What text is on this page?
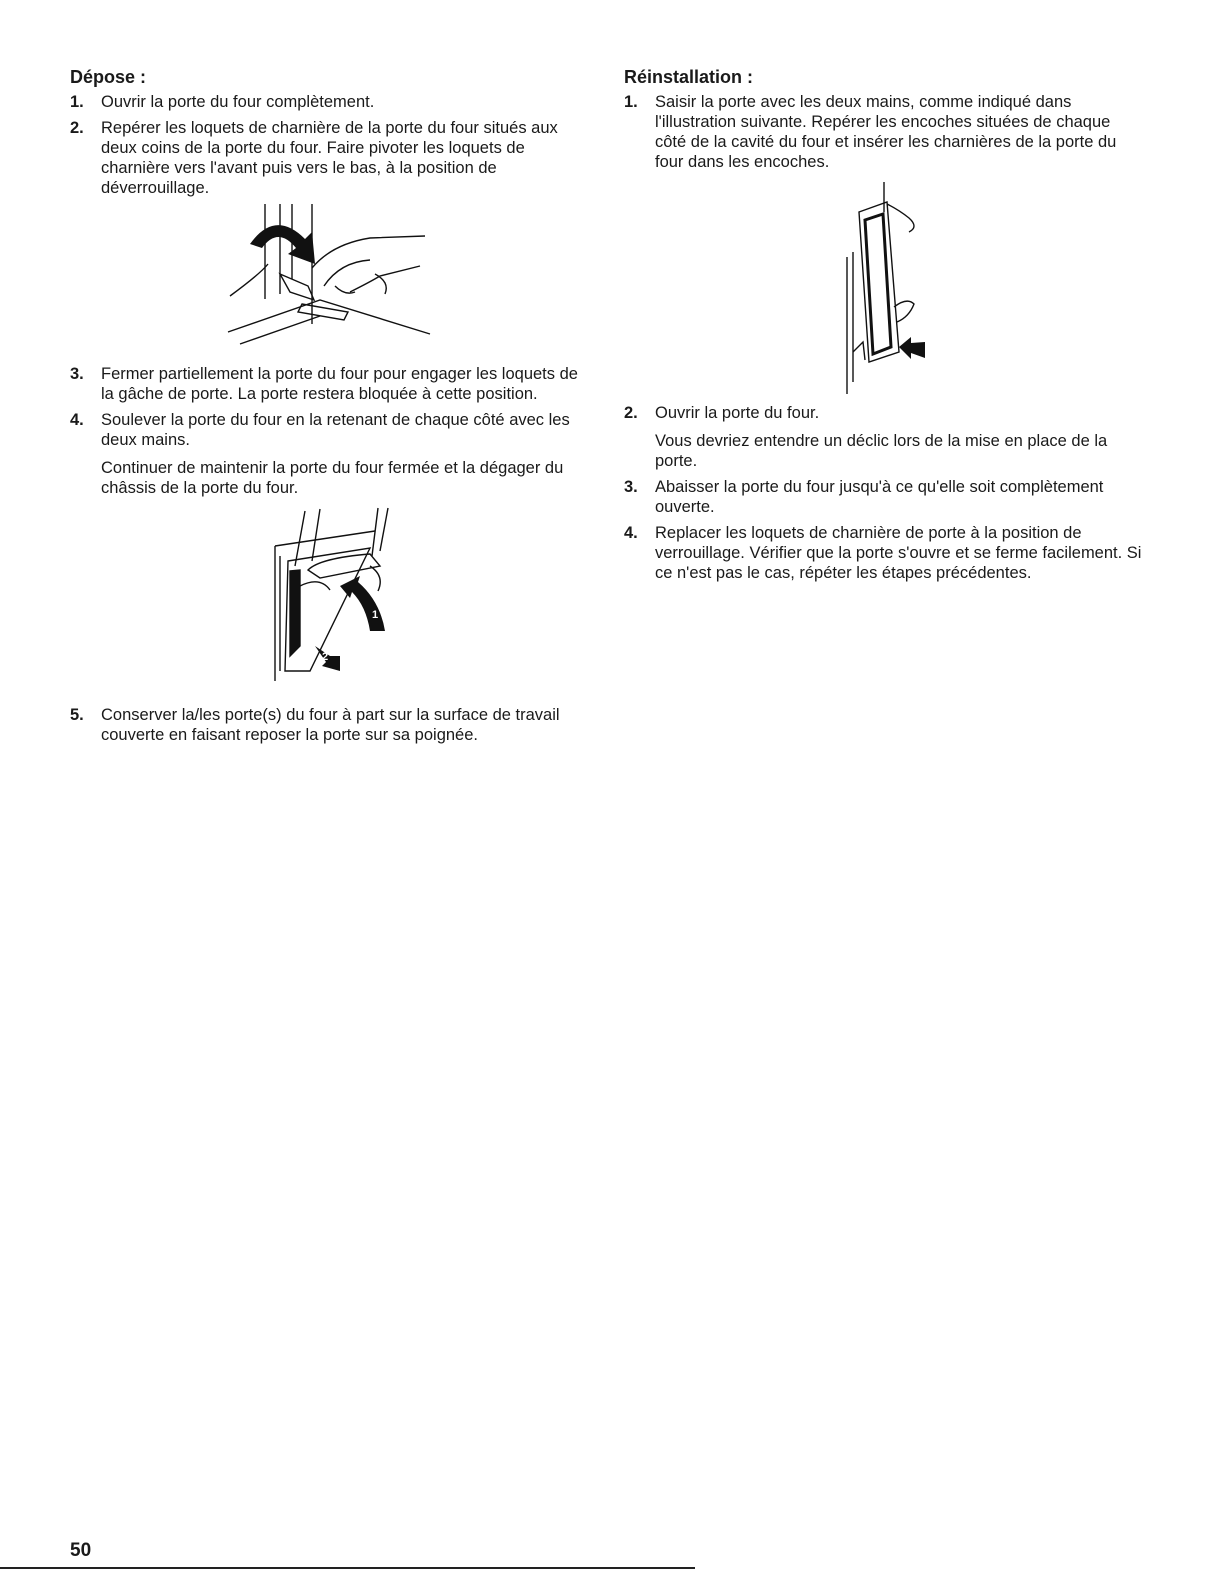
Dépose :
1. Ouvrir la porte du four complètement.

2. Repérer les loquets de charnière de la porte du four situés aux deux coins de la porte du four. Faire pivoter les loquets de charnière vers l'avant puis vers le bas, à la position de déverrouillage.

3. Fermer partiellement la porte du four pour engager les loquets de la gâche de porte. La porte restera bloquée à cette position.

4. Soulever la porte du four en la retenant de chaque côté avec les deux mains.

Continuer de maintenir la porte du four fermée et la dégager du châssis de la porte du four.

1
2
5. Conserver la/les porte(s) du four à part sur la surface de travail couverte en faisant reposer la porte sur sa poignée.

Réinstallation :
1. Saisir la porte avec les deux mains, comme indiqué dans l'illustration suivante. Repérer les encoches situées de chaque côté de la cavité du four et insérer les charnières de la porte du four dans les encoches.

2. Ouvrir la porte du four.

Vous devriez entendre un déclic lors de la mise en place de la porte.

3. Abaisser la porte du four jusqu'à ce qu'elle soit complètement ouverte.

4. Replacer les loquets de charnière de porte à la position de verrouillage. Vérifier que la porte s'ouvre et se ferme facilement. Si ce n'est pas le cas, répéter les étapes précédentes.

50
